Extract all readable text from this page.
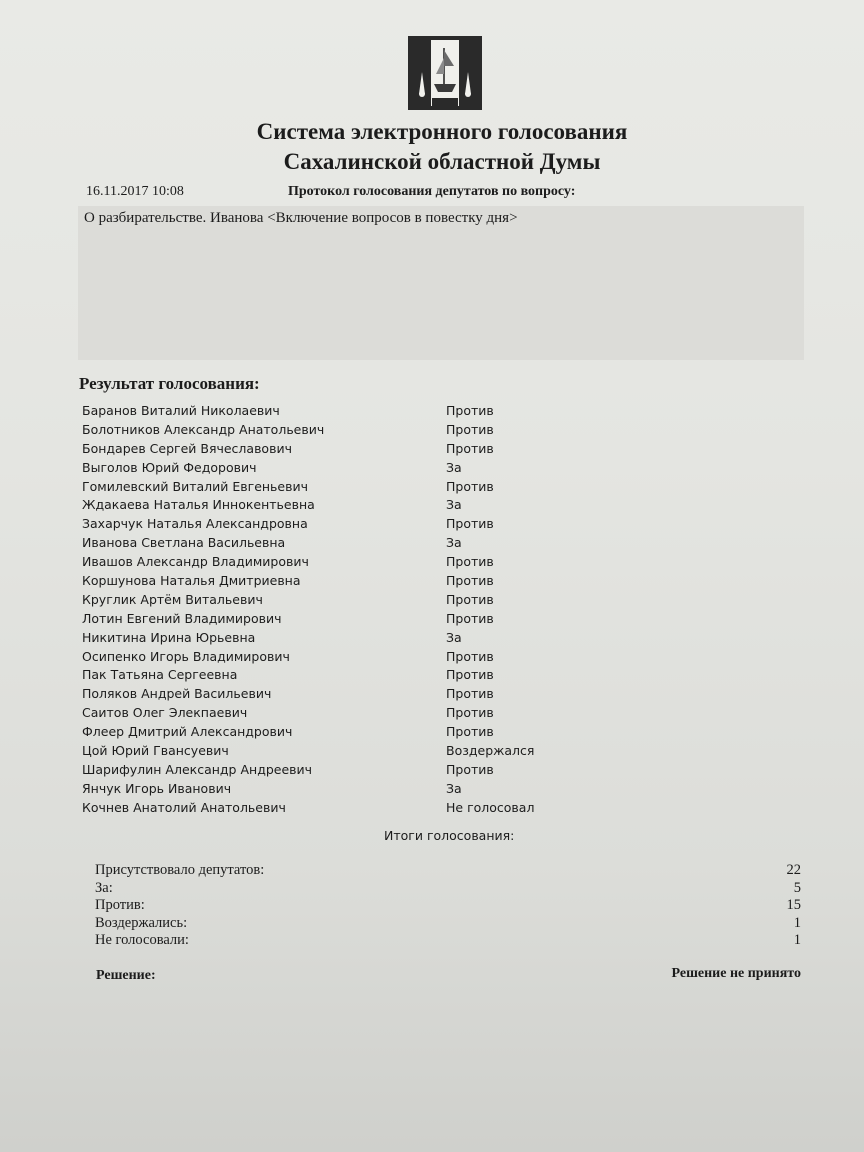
Система электронного голосования
Сахалинской областной Думы
16.11.2017 10:08	Протокол голосования депутатов по вопросу:
О разбирательстве. Иванова <Включение вопросов в повестку дня>
Результат голосования:
Баранов Виталий Николаевич	Против
Болотников Александр Анатольевич	Против
Бондарев Сергей Вячеславович	Против
Выголов Юрий Федорович	За
Гомилевский Виталий Евгеньевич	Против
Ждакаева Наталья Иннокентьевна	За
Захарчук Наталья Александровна	Против
Иванова Светлана Васильевна	За
Ивашов Александр Владимирович	Против
Коршунова Наталья Дмитриевна	Против
Круглик Артём Витальевич	Против
Лотин Евгений Владимирович	Против
Никитина Ирина Юрьевна	За
Осипенко Игорь Владимирович	Против
Пак Татьяна Сергеевна	Против
Поляков Андрей Васильевич	Против
Саитов Олег Элекпаевич	Против
Флеер Дмитрий Александрович	Против
Цой Юрий Гвансуевич	Воздержался
Шарифулин Александр Андреевич	Против
Янчук Игорь Иванович	За
Кочнев Анатолий Анатольевич	Не голосовал
Итоги голосования:
Присутствовало депутатов:	22
За:	5
Против:	15
Воздержались:	1
Не голосовали:	1
Решение:	Решение не принято
